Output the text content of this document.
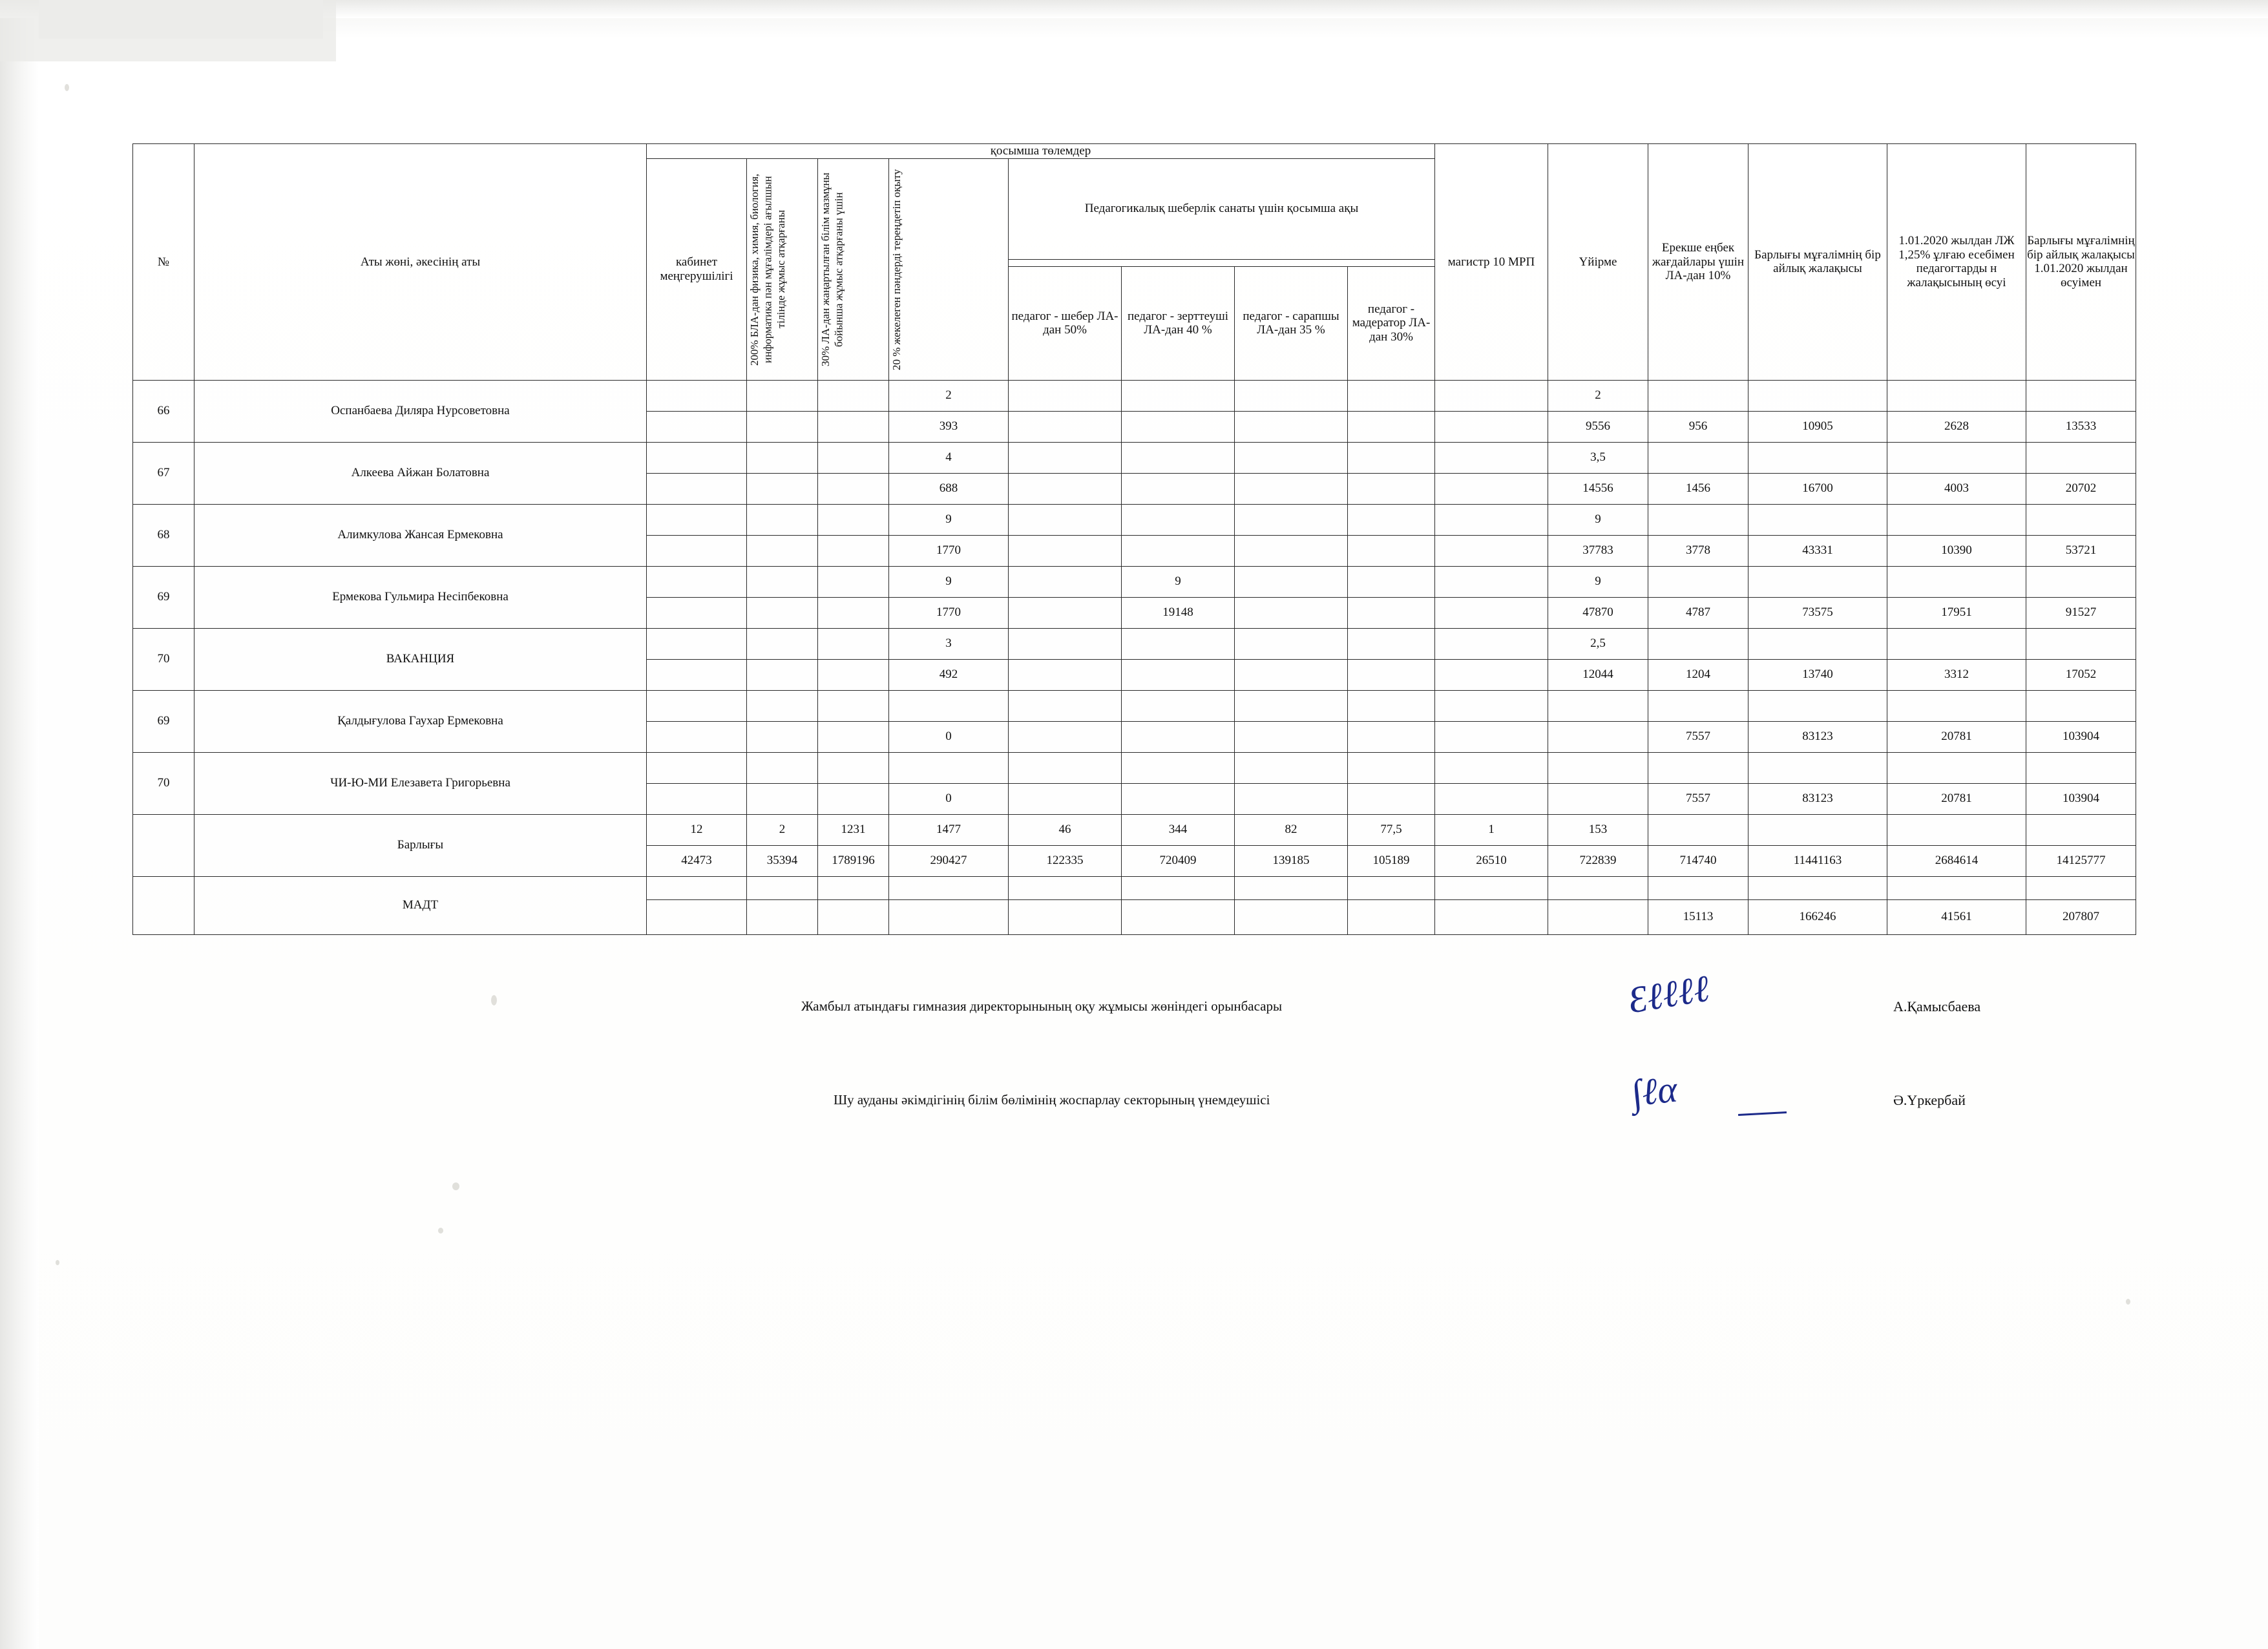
№	Аты жөні, әкесінің аты	қосымша төлемдер								магистр 10 МРП	Үйірме	Ерекше еңбек жағдайлары үшін ЛА-дан 10%	Барлығы мұғалімнің бір айлық жалақысы	1.01.2020 жылдан ЛЖ 1,25% ұлғаю есебімен педагогтарды н жалақысының өсуі	Барлығы мұғалімнің бір айлық жалақысы 1.01.2020 жылдан өсуімен
		кабинет меңгерушілігі	200% БЛА-дан физика, химия, биология, информатика пән мұғалімдері ағылшын тілінде жұмыс атқарғаны	30% ЛА-дан жаңартылған білім мазмұны бойынша жұмыс атқарғаны үшін	20 % жекелеген пәндерді тереңдетіп оқыту	Педагогикалық шеберлік санаты үшін қосымша ақы									

						педагог - шебер ЛА-дан 50%	педагог - зерттеуші ЛА-дан 40 %	педагог - сарапшы ЛА-дан 35 %	педагог - мадератор ЛА-дан 30%						
66	Оспанбаева Диляра Нурсоветовна				2						2				
					393						9556	956	10905	2628	13533
67	Алкеева Айжан Болатовна				4						3,5				
					688						14556	1456	16700	4003	20702
68	Алимкулова Жансая Ермековна				9						9				
					1770						37783	3778	43331	10390	53721
69	Ермекова Гульмира Несіпбековна				9		9				9				
					1770		19148				47870	4787	73575	17951	91527
70	ВАКАНЦИЯ				3						2,5				
					492						12044	1204	13740	3312	17052
69	Қалдығулова Гаухар Ермековна														
					0							7557	83123	20781	103904
70	ЧИ-Ю-МИ Елезавета Григорьевна														
					0							7557	83123	20781	103904
	Барлығы	12	2	1231	1477	46	344	82	77,5	1	153				
		42473	35394	1789196	290427	122335	720409	139185	105189	26510	722839	714740	11441163	2684614	14125777
	МАДТ														
												15113	166246	41561	207807
Жамбыл атындағы гимназия директорынының оқу жұмысы жөніндегі орынбасары	А.Қамысбаева
Ɛℓℓℓℓ
Шу ауданы әкімдігінің білім бөлімінің жоспарлау секторының үнемдеушісі	Ә.Үркербай
∫ℓα
